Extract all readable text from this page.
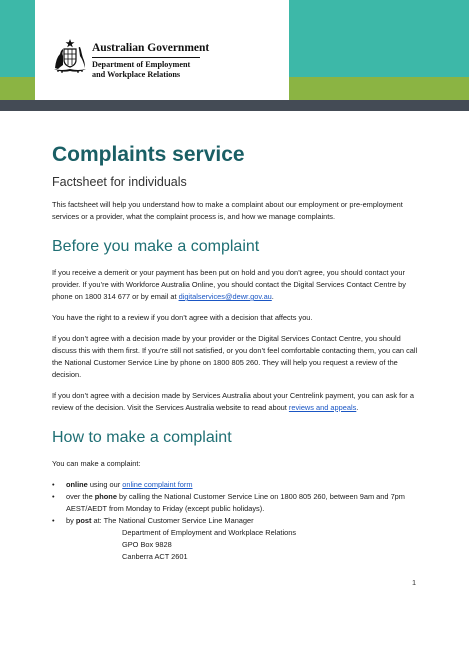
Australian Government
Department of Employment
and Workplace Relations
Complaints service
Factsheet for individuals

This factsheet will help you understand how to make a complaint about our employment or pre-employment services or a provider, what the complaint process is, and how we manage complaints.

Before you make a complaint

If you receive a demerit or your payment has been put on hold and you don’t agree, you should contact your provider. If you’re with Workforce Australia Online, you should contact the Digital Services Contact Centre by phone on 1800 314 677 or by email at digitalservices@dewr.gov.au.

You have the right to a review if you don’t agree with a decision that affects you.

If you don’t agree with a decision made by your provider or the Digital Services Contact Centre, you should discuss this with them first. If you’re still not satisfied, or you don’t feel comfortable contacting them, you can call the National Customer Service Line by phone on 1800 805 260. They will help you request a review of the decision.

If you don’t agree with a decision made by Services Australia about your Centrelink payment, you can ask for a review of the decision. Visit the Services Australia website to read about reviews and appeals.

How to make a complaint

You can make a complaint:

• online using our online complaint form
• over the phone by calling the National Customer Service Line on 1800 805 260, between 9am and 7pm AEST/AEDT from Monday to Friday (except public holidays).
• by post at: The National Customer Service Line Manager
Department of Employment and Workplace Relations
GPO Box 9828
Canberra ACT 2601
1
